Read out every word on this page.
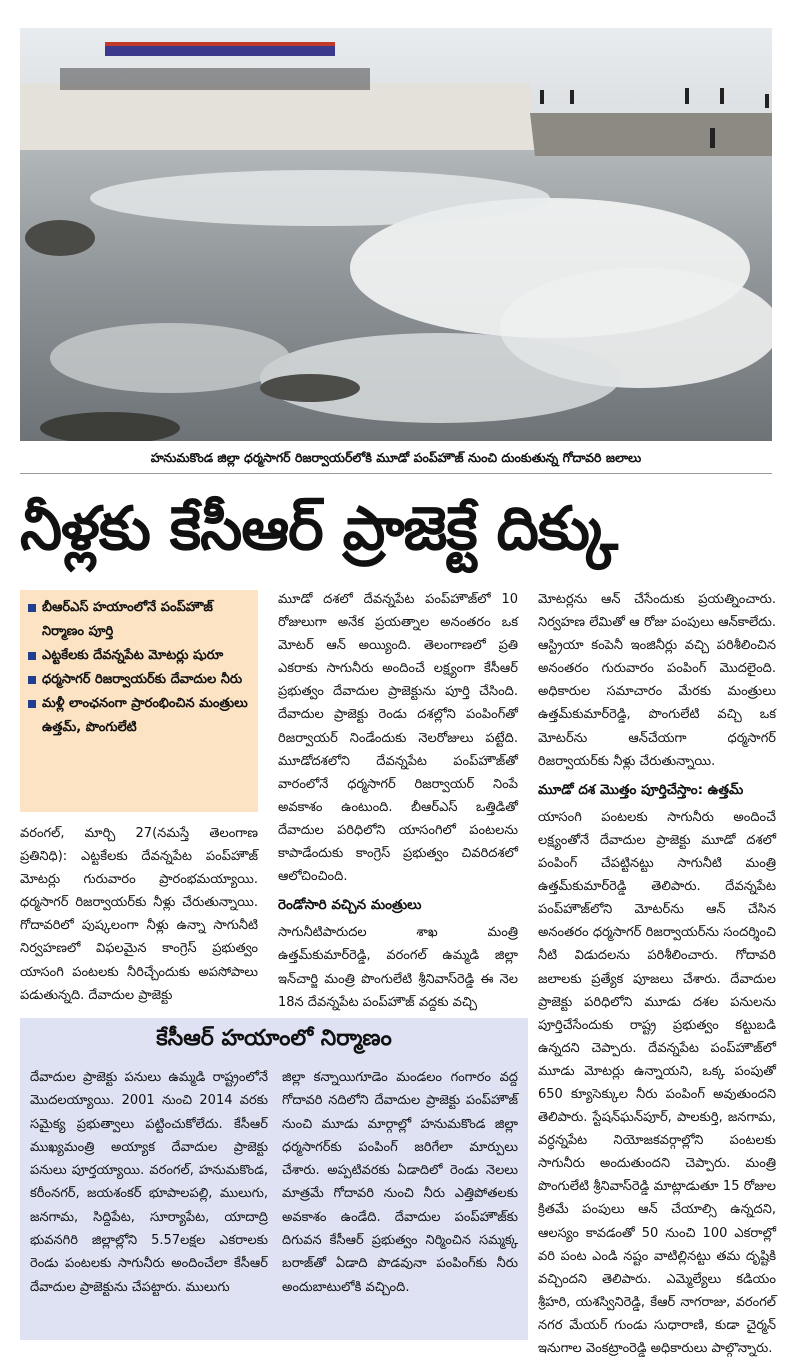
హనుమకొండ జిల్లా ధర్మసాగర్ రిజర్వాయర్‌లోకి మూడో పంప్‌హౌజ్ నుంచి దుంకుతున్న గోదావరి జలాలు
నీళ్లకు కేసీఆర్ ప్రాజెక్టే దిక్కు
బీఆర్ఎస్ హయాంలోనే పంప్‌హౌజ్ నిర్మాణం పూర్తి
ఎట్టకేలకు దేవన్నపేట మోటర్లు షురూ
ధర్మసాగర్ రిజర్వాయర్‌కు దేవాదుల నీరు
మళ్లీ లాంఛనంగా ప్రారంభించిన మంత్రులు ఉత్తమ్, పొంగులేటి

వరంగల్, మార్చి 27(నమస్తే తెలంగాణ ప్రతినిధి): ఎట్టకేలకు దేవన్నపేట పంప్‌హౌజ్ మోటర్లు గురువారం ప్రారంభమయ్యాయి. ధర్మసాగర్ రిజర్వాయర్‌కు నీళ్లు చేరుతున్నాయి. గోదావరిలో పుష్కలంగా నీళ్లు ఉన్నా సాగునీటి నిర్వహణలో విఫలమైన కాంగ్రెస్ ప్రభుత్వం యాసంగి పంటలకు నీరిచ్చేందుకు అపసోపాలు పడుతున్నది. దేవాదుల ప్రాజెక్టు

మూడో దశలో దేవన్నపేట పంప్‌హౌజ్‌లో 10 రోజులుగా అనేక ప్రయత్నాల అనంతరం ఒక మోటర్ ఆన్ అయ్యింది. తెలంగాణలో ప్రతి ఎకరాకు సాగునీరు అందించే లక్ష్యంగా కేసీఆర్ ప్రభుత్వం దేవాదుల ప్రాజెక్టును పూర్తి చేసింది. దేవాదుల ప్రాజెక్టు రెండు దశల్లోని పంపింగ్‌తో రిజర్వాయర్ నిండేందుకు నెలరోజులు పట్టేది. మూడోదశలోని దేవన్నపేట పంప్‌హౌజ్‌తో వారంలోనే ధర్మసాగర్ రిజర్వాయర్ నింపే అవకాశం ఉంటుంది. బీఆర్ఎస్ ఒత్తిడితో దేవాదుల పరిధిలోని యాసంగిలో పంటలను కాపాడేందుకు కాంగ్రెస్ ప్రభుత్వం చివరిదశలో ఆలోచించింది.

రెండోసారి వచ్చిన మంత్రులు

సాగునీటిపారుదల శాఖ మంత్రి ఉత్తమ్‌కుమార్‌రెడ్డి, వరంగల్ ఉమ్మడి జిల్లా ఇన్‌చార్జి మంత్రి పొంగులేటి శ్రీనివాస్‌రెడ్డి ఈ నెల 18న దేవన్నపేట పంప్‌హౌజ్ వద్దకు వచ్చి

మోటర్లను ఆన్ చేసేందుకు ప్రయత్నించారు. నిర్వహణ లేమితో ఆ రోజు పంపులు ఆన్‌కాలేదు. ఆస్ట్రియా కంపెనీ ఇంజినీర్లు వచ్చి పరిశీలించిన అనంతరం గురువారం పంపింగ్ మొదలైంది. అధికారుల సమాచారం మేరకు మంత్రులు ఉత్తమ్‌కుమార్‌రెడ్డి, పొంగులేటి వచ్చి ఒక మోటర్‌ను ఆన్‌చేయగా ధర్మసాగర్ రిజర్వాయర్‌కు నీళ్లు చేరుతున్నాయి.

మూడో దశ మొత్తం పూర్తిచేస్తాం: ఉత్తమ్

యాసంగి పంటలకు సాగునీరు అందించే లక్ష్యంతోనే దేవాదుల ప్రాజెక్టు మూడో దశలో పంపింగ్ చేపట్టినట్టు సాగునీటి మంత్రి ఉత్తమ్‌కుమార్‌రెడ్డి తెలిపారు. దేవన్నపేట పంప్‌హౌజ్‌లోని మోటర్‌ను ఆన్ చేసిన అనంతరం ధర్మసాగర్ రిజర్వాయర్‌ను సందర్శించి నీటి విడుదలను పరిశీలించారు. గోదావరి జలాలకు ప్రత్యేక పూజలు చేశారు. దేవాదుల ప్రాజెక్టు పరిధిలోని మూడు దశల పనులను పూర్తిచేసేందుకు రాష్ట్ర ప్రభుత్వం కట్టుబడి ఉన్నదని చెప్పారు. దేవన్నపేట పంప్‌హౌజ్‌లో మూడు మోటర్లు ఉన్నాయని, ఒక్క పంపుతో 650 క్యూసెక్కుల నీరు పంపింగ్ అవుతుందని తెలిపారు. స్టేషన్‌ఘన్‌పూర్, పాలకుర్తి, జనగామ, వర్ధన్నపేట నియోజకవర్గాల్లోని పంటలకు సాగునీరు అందుతుందని చెప్పారు. మంత్రి పొంగులేటి శ్రీనివాస్‌రెడ్డి మాట్లాడుతూ 15 రోజుల క్రితమే పంపులు ఆన్ చేయాల్సి ఉన్నదని, ఆలస్యం కావడంతో 50 నుంచి 100 ఎకరాల్లో వరి పంట ఎండి నష్టం వాటిల్లినట్టు తమ దృష్టికి వచ్చిందని తెలిపారు. ఎమ్మెల్యేలు కడియం శ్రీహరి, యశస్వినిరెడ్డి, కేఆర్ నాగరాజు, వరంగల్ నగర మేయర్ గుండు సుధారాణి, కుడా చైర్మన్ ఇనుగాల వెంకట్రాంరెడ్డి అధికారులు పాల్గొన్నారు.

కేసీఆర్ హయాంలో నిర్మాణం
దేవాదుల ప్రాజెక్టు పనులు ఉమ్మడి రాష్ట్రంలోనే మొదలయ్యాయి. 2001 నుంచి 2014 వరకు సమైక్య ప్రభుత్వాలు పట్టించుకోలేదు. కేసీఆర్ ముఖ్యమంత్రి అయ్యాక దేవాదుల ప్రాజెక్టు పనులు పూర్తయ్యాయి. వరంగల్, హనుమకొండ, కరీంనగర్, జయశంకర్ భూపాలపల్లి, ములుగు, జనగామ, సిద్దిపేట, సూర్యాపేట, యాదాద్రి భువనగిరి జిల్లాల్లోని 5.57లక్షల ఎకరాలకు రెండు పంటలకు సాగునీరు అందించేలా కేసీఆర్ దేవాదుల ప్రాజెక్టును చేపట్టారు. ములుగు
జిల్లా కన్నాయిగూడెం మండలం గంగారం వద్ద గోదావరి నదిలోని దేవాదుల ప్రాజెక్టు పంప్‌హౌజ్ నుంచి మూడు మార్గాల్లో హనుమకొండ జిల్లా ధర్మసాగర్‌కు పంపింగ్ జరిగేలా మార్పులు చేశారు. అప్పటివరకు ఏడాదిలో రెండు నెలలు మాత్రమే గోదావరి నుంచి నీరు ఎత్తిపోతలకు అవకాశం ఉండేది. దేవాదుల పంప్‌హౌజ్‌కు దిగువన కేసీఆర్ ప్రభుత్వం నిర్మించిన సమ్మక్క బరాజ్‌తో ఏడాది పొడవునా పంపింగ్‌కు నీరు అందుబాటులోకి వచ్చింది.
